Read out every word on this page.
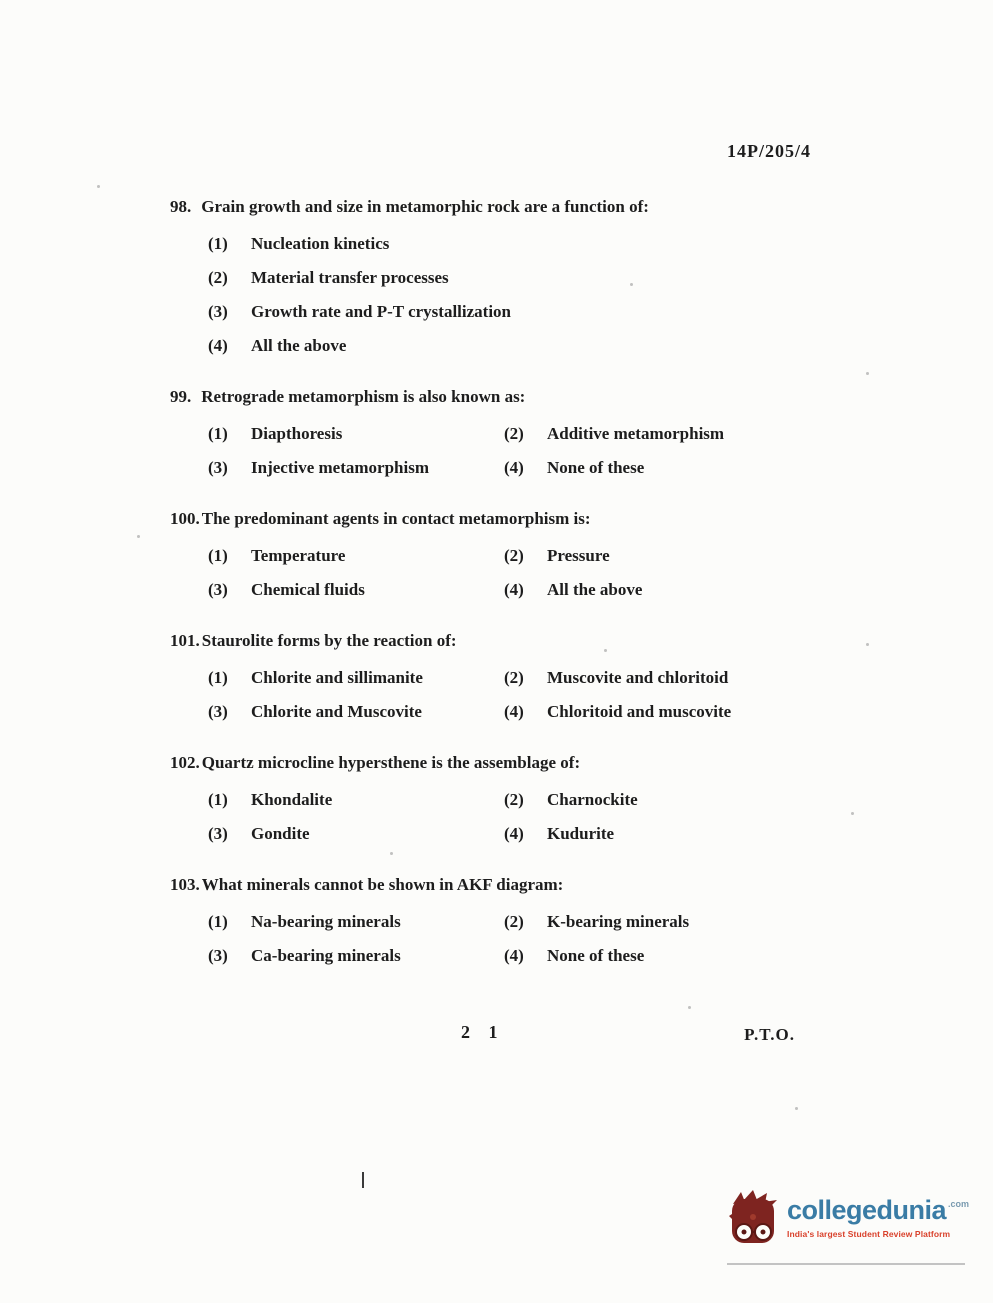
14P/205/4
98. Grain growth and size in metamorphic rock are a function of:
(1)	Nucleation kinetics
(2)	Material transfer processes
(3)	Growth rate and P-T crystallization
(4)	All the above
99. Retrograde metamorphism is also known as:
(1)	Diapthoresis	(2)	Additive metamorphism
(3)	Injective metamorphism	(4)	None of these
100. The predominant agents in contact metamorphism is:
(1)	Temperature	(2)	Pressure
(3)	Chemical fluids	(4)	All the above
101. Staurolite forms by the reaction of:
(1)	Chlorite and sillimanite	(2)	Muscovite and chloritoid
(3)	Chlorite and Muscovite	(4)	Chloritoid and muscovite
102. Quartz microcline hypersthene is the assemblage of:
(1)	Khondalite	(2)	Charnockite
(3)	Gondite	(4)	Kudurite
103. What minerals cannot be shown in AKF diagram:
(1)	Na-bearing minerals	(2)	K-bearing minerals
(3)	Ca-bearing minerals	(4)	None of these
2 1	P.T.O.
collegedunia .com
India's largest Student Review Platform
